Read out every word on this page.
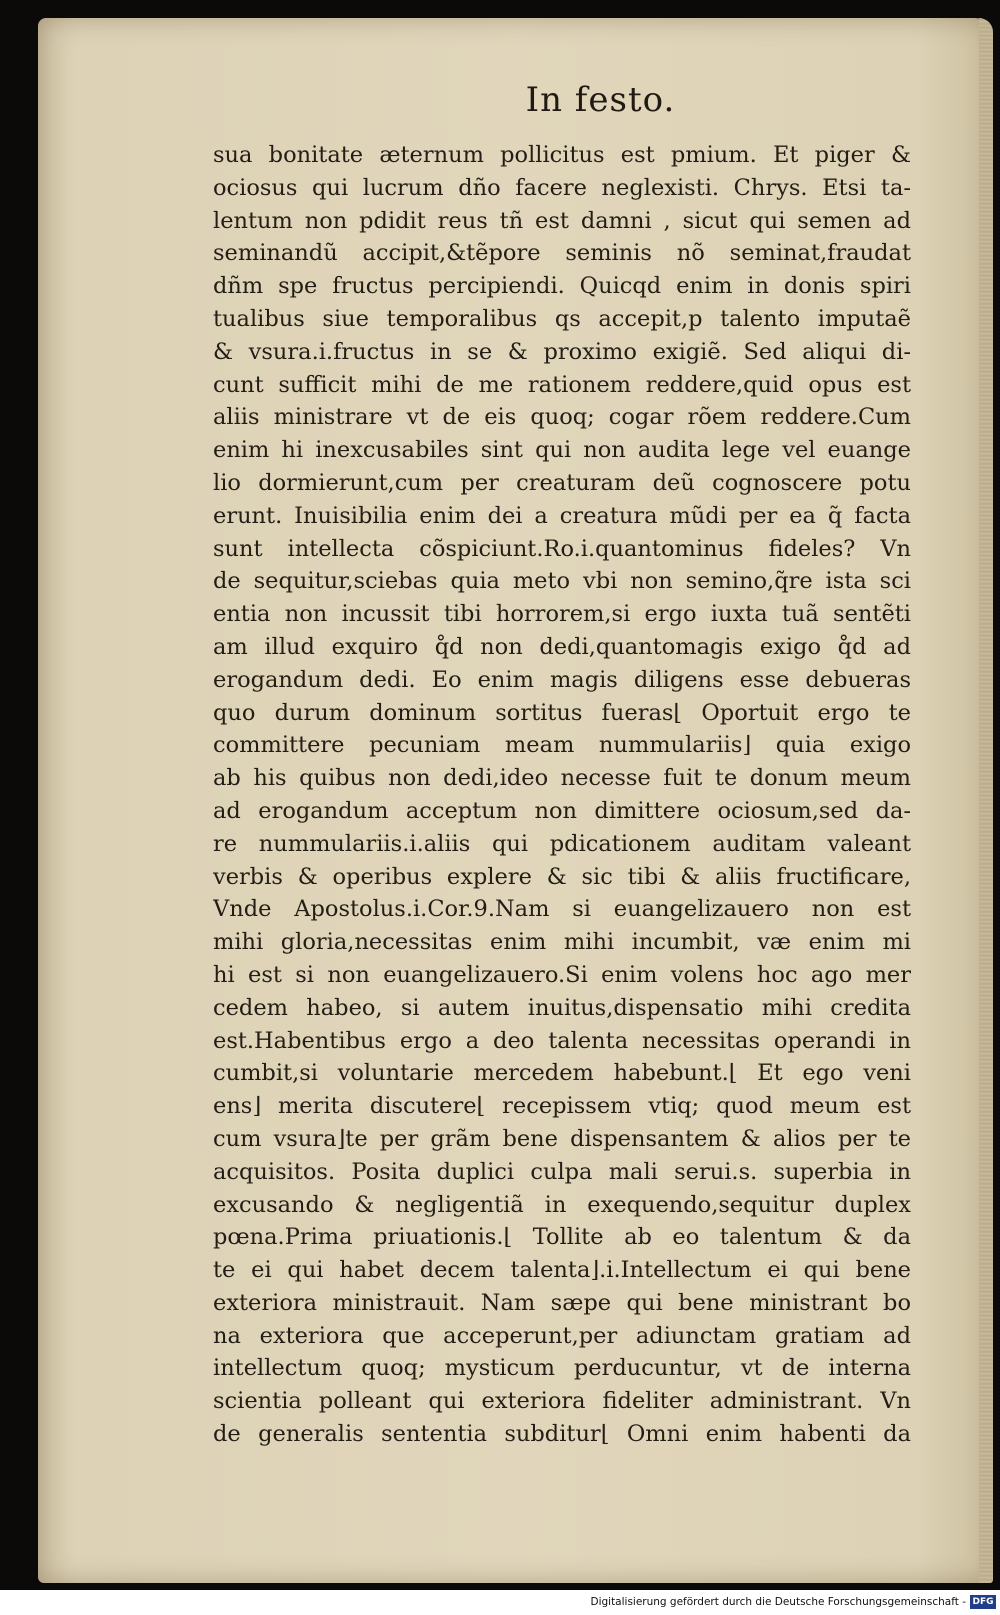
In festo.
sua bonitate æternum pollicitus est pmium. Et piger &
ociosus qui lucrum dño facere neglexisti. Chrys. Etsi ta-
lentum non pdidit reus tñ est damni , sicut qui semen ad
seminandũ accipit,&tẽpore seminis nõ seminat,fraudat
dñm spe fructus percipiendi. Quicqd enim in donis spiri
tualibus siue temporalibus qs accepit,p talento imputaẽ
& vsura.i.fructus in se & proximo exigiẽ. Sed aliqui di-
cunt sufficit mihi de me rationem reddere,quid opus est
aliis ministrare vt de eis quoq; cogar rõem reddere.Cum
enim hi inexcusabiles sint qui non audita lege vel euange
lio dormierunt,cum per creaturam deũ cognoscere potu
erunt. Inuisibilia enim dei a creatura mũdi per ea q̃ facta
sunt intellecta cõspiciunt.Ro.i.quantominus fideles? Vn
de sequitur,sciebas quia meto vbi non semino,q̃re ista sci
entia non incussit tibi horrorem,si ergo iuxta tuã sentẽti
am illud exquiro q̊d non dedi,quantomagis exigo q̊d ad
erogandum dedi. Eo enim magis diligens esse debueras
quo durum dominum sortitus fueras⌊ Oportuit ergo te
committere pecuniam meam nummulariis⌋ quia exigo
ab his quibus non dedi,ideo necesse fuit te donum meum
ad erogandum acceptum non dimittere ociosum,sed da-
re nummulariis.i.aliis qui pdicationem auditam valeant
verbis & operibus explere & sic tibi & aliis fructificare,
Vnde Apostolus.i.Cor.9.Nam si euangelizauero non est
mihi gloria,necessitas enim mihi incumbit, væ enim mi
hi est si non euangelizauero.Si enim volens hoc ago mer
cedem habeo, si autem inuitus,dispensatio mihi credita
est.Habentibus ergo a deo talenta necessitas operandi in
cumbit,si voluntarie mercedem habebunt.⌊ Et ego veni
ens⌋ merita discutere⌊ recepissem vtiq; quod meum est
cum vsura⌋te per grãm bene dispensantem & alios per te
acquisitos. Posita duplici culpa mali serui.s. superbia in
excusando & negligentiã in exequendo,sequitur duplex
pœna.Prima priuationis.⌊ Tollite ab eo talentum & da
te ei qui habet decem talenta⌋.i.Intellectum ei qui bene
exteriora ministrauit. Nam sæpe qui bene ministrant bo
na exteriora que acceperunt,per adiunctam gratiam ad
intellectum quoq; mysticum perducuntur, vt de interna
scientia polleant qui exteriora fideliter administrant. Vn
de generalis sententia subditur⌊ Omni enim habenti da
Digitalisierung gefördert durch die Deutsche Forschungsgemeinschaft - DFG
